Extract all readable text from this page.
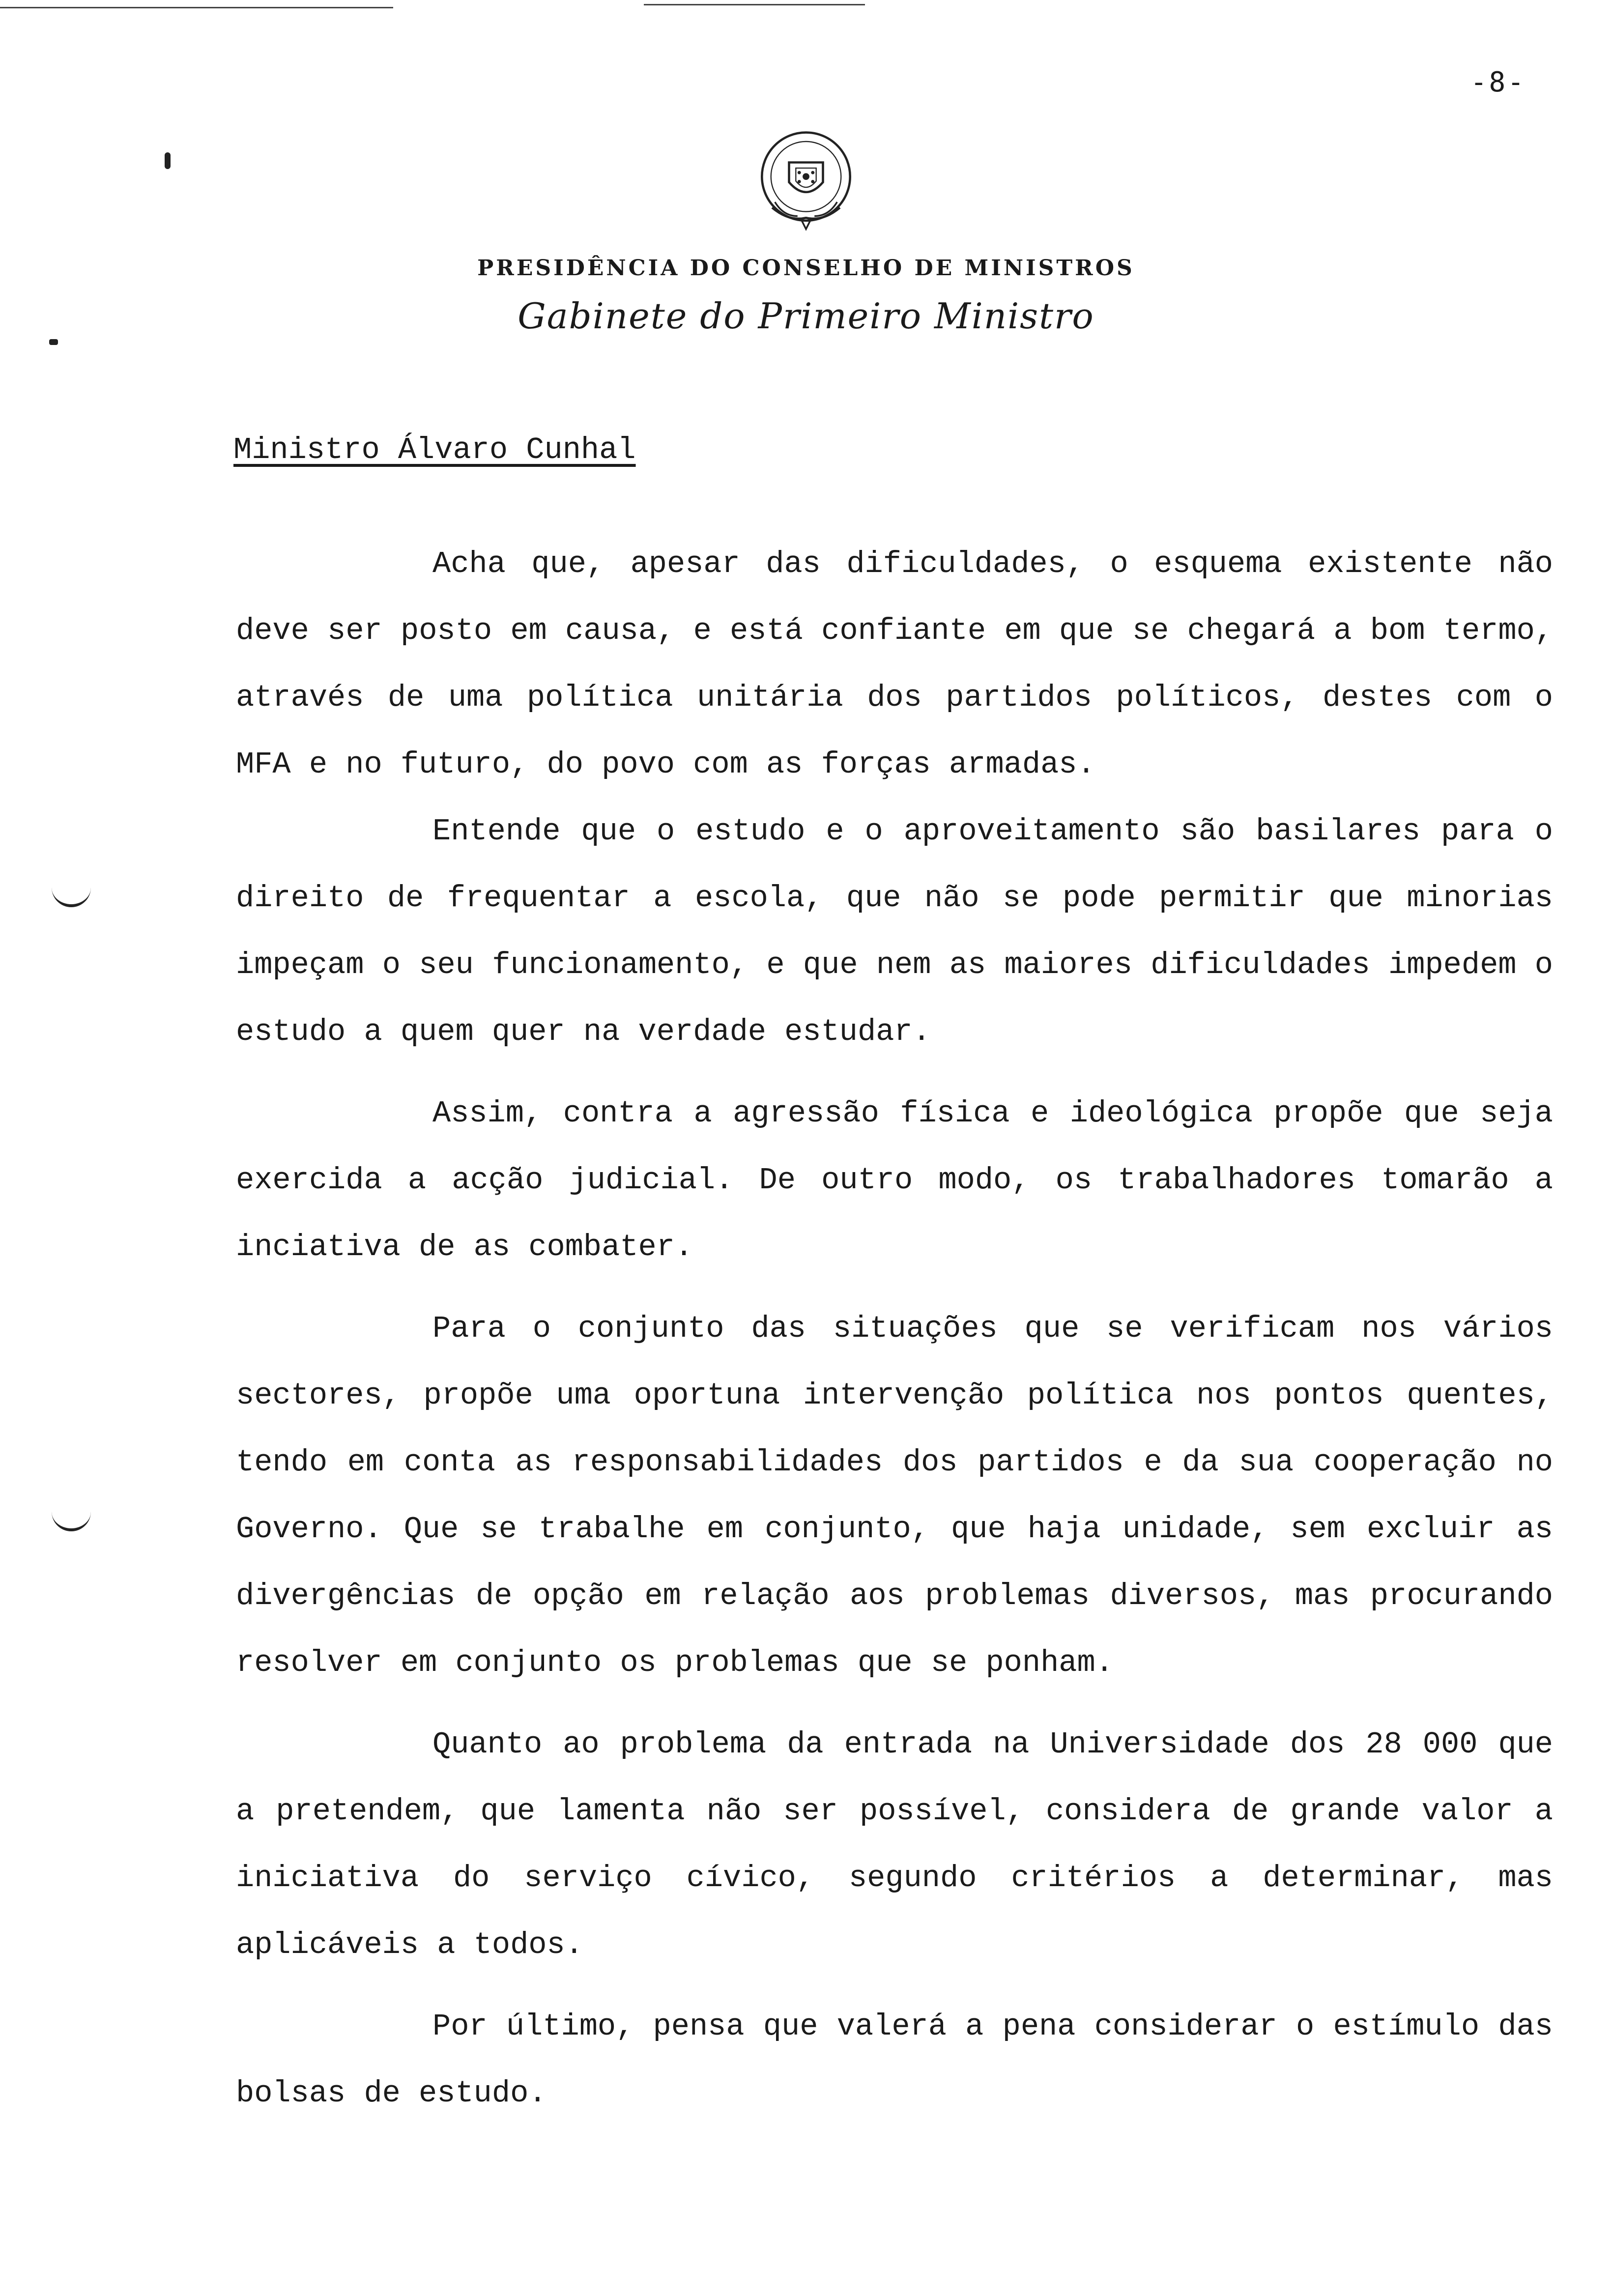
-8-
PRESIDÊNCIA DO CONSELHO DE MINISTROS
Gabinete do Primeiro Ministro
Ministro Álvaro Cunhal

Acha que, apesar das dificuldades, o esquema existente não deve ser posto em causa, e está confiante em que se chegará a bom termo, através de uma política unitária dos partidos políticos, destes com o MFA e no futuro, do povo com as forças armadas.

Entende que o estudo e o aproveitamento são basilares para o direito de frequentar a escola, que não se pode permitir que minorias impeçam o seu funcionamento, e que nem as maiores dificuldades impedem o estudo a quem quer na verdade estudar.

Assim, contra a agressão física e ideológica propõe que seja exercida a acção judicial. De outro modo, os trabalhadores tomarão a inciativa de as combater.

Para o conjunto das situações que se verificam nos vários sectores, propõe uma oportuna intervenção política nos pontos quentes, tendo em conta as responsabilidades dos partidos e da sua cooperação no Governo. Que se trabalhe em conjunto, que haja unidade, sem excluir as divergências de opção em relação aos problemas diversos, mas procurando resolver em conjunto os problemas que se ponham.

Quanto ao problema da entrada na Universidade dos 28 000 que a pretendem, que lamenta não ser possível, considera de grande valor a iniciativa do serviço cívico, segundo critérios a determinar, mas aplicáveis a todos.

Por último, pensa que valerá a pena considerar o estímulo das bolsas de estudo.
